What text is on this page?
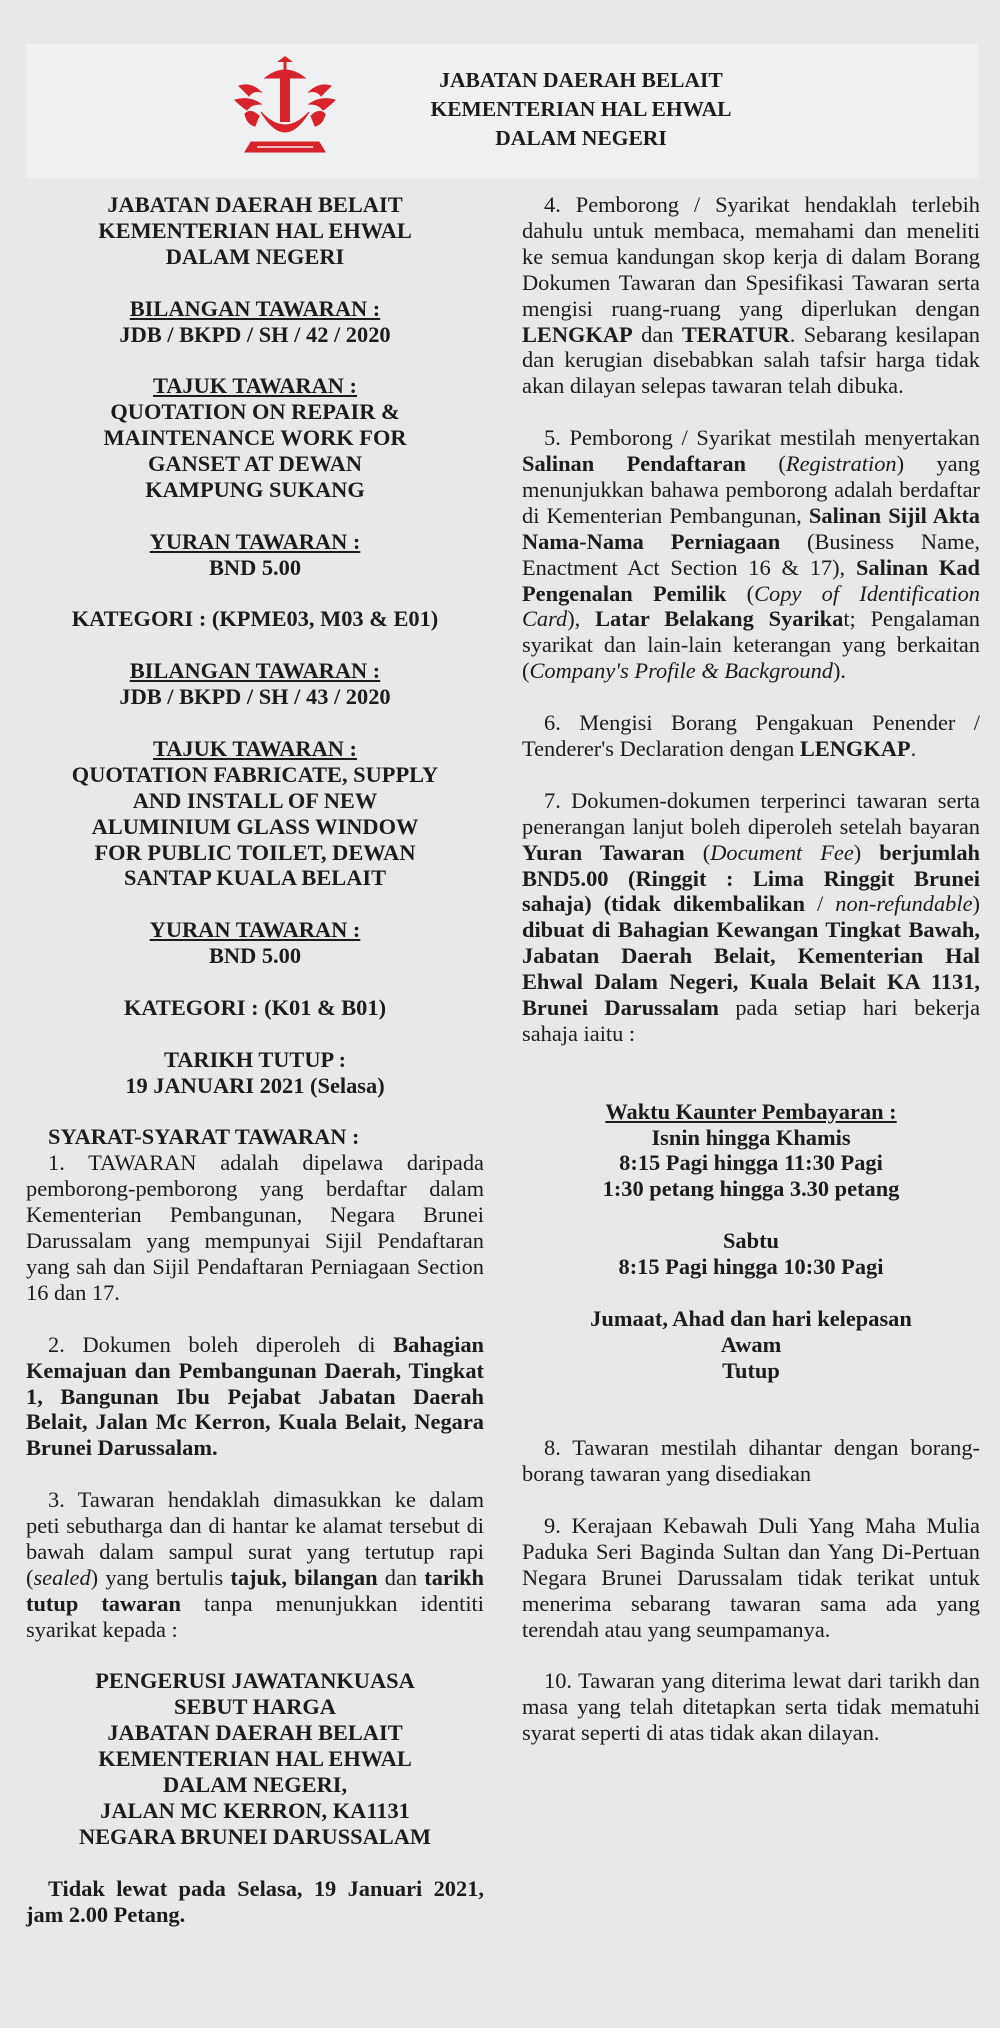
JABATAN DAERAH BELAIT
KEMENTERIAN HAL EHWAL
DALAM NEGERI
JABATAN DAERAH BELAIT
KEMENTERIAN HAL EHWAL
DALAM NEGERI
BILANGAN TAWARAN :
JDB / BKPD / SH / 42 / 2020
TAJUK TAWARAN :
QUOTATION ON REPAIR &
MAINTENANCE WORK FOR
GANSET AT DEWAN
KAMPUNG SUKANG
YURAN TAWARAN :
BND 5.00
KATEGORI : (KPME03, M03 & E01)
BILANGAN TAWARAN :
JDB / BKPD / SH / 43 / 2020
TAJUK TAWARAN :
QUOTATION FABRICATE, SUPPLY
AND INSTALL OF NEW
ALUMINIUM GLASS WINDOW
FOR PUBLIC TOILET, DEWAN
SANTAP KUALA BELAIT
YURAN TAWARAN :
BND 5.00
KATEGORI : (K01 & B01)
TARIKH TUTUP :
19 JANUARI 2021 (Selasa)
SYARAT-SYARAT TAWARAN :
1. TAWARAN adalah dipelawa daripada pemborong-pemborong yang berdaftar dalam Kementerian Pembangunan, Negara Brunei Darussalam yang mempunyai Sijil Pendaftaran yang sah dan Sijil Pendaftaran Perniagaan Section 16 dan 17.
2. Dokumen boleh diperoleh di Bahagian Kemajuan dan Pembangunan Daerah, Tingkat 1, Bangunan Ibu Pejabat Jabatan Daerah Belait, Jalan Mc Kerron, Kuala Belait, Negara Brunei Darussalam.
3. Tawaran hendaklah dimasukkan ke dalam peti sebutharga dan di hantar ke alamat tersebut di bawah dalam sampul surat yang tertutup rapi (sealed) yang bertulis tajuk, bilangan dan tarikh tutup tawaran tanpa menunjukkan identiti syarikat kepada :
PENGERUSI JAWATANKUASA
SEBUT HARGA
JABATAN DAERAH BELAIT
KEMENTERIAN HAL EHWAL
DALAM NEGERI,
JALAN MC KERRON, KA1131
NEGARA BRUNEI DARUSSALAM
Tidak lewat pada Selasa, 19 Januari 2021, jam 2.00 Petang.
4. Pemborong / Syarikat hendaklah terlebih dahulu untuk membaca, memahami dan meneliti ke semua kandungan skop kerja di dalam Borang Dokumen Tawaran dan Spesifikasi Tawaran serta mengisi ruang-ruang yang diperlukan dengan LENGKAP dan TERATUR. Sebarang kesilapan dan kerugian disebabkan salah tafsir harga tidak akan dilayan selepas tawaran telah dibuka.
5. Pemborong / Syarikat mestilah menyertakan Salinan Pendaftaran (Registration) yang menunjukkan bahawa pemborong adalah berdaftar di Kementerian Pembangunan, Salinan Sijil Akta Nama-Nama Perniagaan (Business Name, Enactment Act Section 16 & 17), Salinan Kad Pengenalan Pemilik (Copy of Identification Card), Latar Belakang Syarikat; Pengalaman syarikat dan lain-lain keterangan yang berkaitan (Company's Profile & Background).
6. Mengisi Borang Pengakuan Penender / Tenderer's Declaration dengan LENGKAP.
7. Dokumen-dokumen terperinci tawaran serta penerangan lanjut boleh diperoleh setelah bayaran Yuran Tawaran (Document Fee) berjumlah BND5.00 (Ringgit : Lima Ringgit Brunei sahaja) (tidak dikembalikan / non-refundable) dibuat di Bahagian Kewangan Tingkat Bawah, Jabatan Daerah Belait, Kementerian Hal Ehwal Dalam Negeri, Kuala Belait KA 1131, Brunei Darussalam pada setiap hari bekerja sahaja iaitu :
Waktu Kaunter Pembayaran :
Isnin hingga Khamis
8:15 Pagi hingga 11:30 Pagi
1:30 petang hingga 3.30 petang
Sabtu
8:15 Pagi hingga 10:30 Pagi
Jumaat, Ahad dan hari kelepasan
Awam
Tutup
8. Tawaran mestilah dihantar dengan borang-borang tawaran yang disediakan
9. Kerajaan Kebawah Duli Yang Maha Mulia Paduka Seri Baginda Sultan dan Yang Di-Pertuan Negara Brunei Darussalam tidak terikat untuk menerima sebarang tawaran sama ada yang terendah atau yang seumpamanya.
10. Tawaran yang diterima lewat dari tarikh dan masa yang telah ditetapkan serta tidak mematuhi syarat seperti di atas tidak akan dilayan.
